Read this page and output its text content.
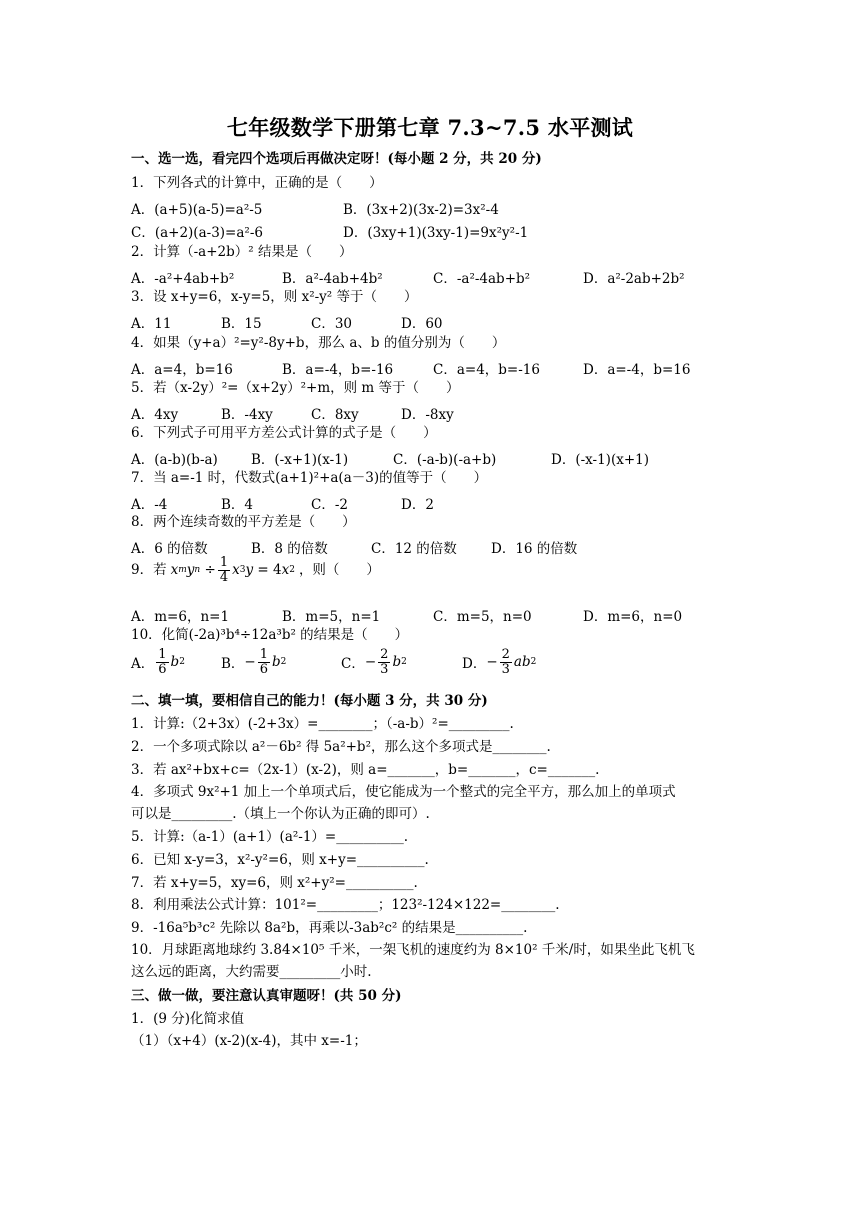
七年级数学下册第七章 7.3~7.5 水平测试
一、选一选，看完四个选项后再做决定呀！(每小题 2 分，共 20 分)
1．下列各式的计算中，正确的是（　　）
A．(a+5)(a-5)=a²-5	B．(3x+2)(3x-2)=3x²-4
C．(a+2)(a-3)=a²-6	D．(3xy+1)(3xy-1)=9x²y²-1
2．计算（-a+2b）² 结果是（　　）
A．-a²+4ab+b²	B．a²-4ab+4b²	C．-a²-4ab+b²	D．a²-2ab+2b²
3．设 x+y=6，x-y=5，则 x²-y² 等于（　　）
A．11	B．15	C．30	D．60
4．如果（y+a）²=y²-8y+b，那么 a、b 的值分别为（　　）
A．a=4，b=16	B．a=-4，b=-16	C．a=4，b=-16	D．a=-4，b=16
5．若（x-2y）²=（x+2y）²+m，则 m 等于（　　）
A．4xy	B．-4xy	C．8xy	D．-8xy
6．下列式子可用平方差公式计算的式子是（　　）
A．(a-b)(b-a) B．(-x+1)(x-1)	C．(-a-b)(-a+b)	D．(-x-1)(x+1)
7．当 a=-1 时，代数式(a+1)²+a(a－3)的值等于（　　）
A．-4	B．4	C．-2	D．2
8．两个连续奇数的平方差是（　　）
A．6 的倍数	B．8 的倍数	C．12 的倍数	D．16 的倍数
9．若 x m y n ÷ 1
4 x 3 y = 4 x 2 ，则（　　）
A．m=6，n=1	B．m=5，n=1	C．m=5，n=0	D．m=6，n=0
10．化简(-2a)³b⁴÷12a³b² 的结果是（　　）
A．
1
6 b 2	B． − 1
6 b 2	C． − 2
3 b 2	D． − 2
3 ab 2
二、填一填，要相信自己的能力！(每小题 3 分，共 30 分)
1．计算:（2+3x）(-2+3x）=________；（-a-b）²=_________.
2．一个多项式除以 a²－6b² 得 5a²+b²，那么这个多项式是________.
3．若 ax²+bx+c=（2x-1）(x-2)，则 a=_______，b=_______，c=_______.
4．多项式 9x²+1 加上一个单项式后，使它能成为一个整式的完全平方，那么加上的单项式
可以是_________.（填上一个你认为正确的即可）.
5．计算:（a-1）(a+1）(a²-1）=__________.
6．已知 x-y=3，x²-y²=6，则 x+y=__________.
7．若 x+y=5，xy=6，则 x²+y²=__________.
8．利用乘法公式计算：101²=_________；123²-124×122=________.
9．-16a⁵b³c² 先除以 8a²b，再乘以-3ab²c² 的结果是__________.
10．月球距离地球约 3.84×10⁵ 千米，一架飞机的速度约为 8×10² 千米/时，如果坐此飞机飞
这么远的距离，大约需要_________小时.
三、做一做，要注意认真审题呀！(共 50 分)
1．(9 分)化简求值
（1）（x+4）(x-2)(x-4)，其中 x=-1；
